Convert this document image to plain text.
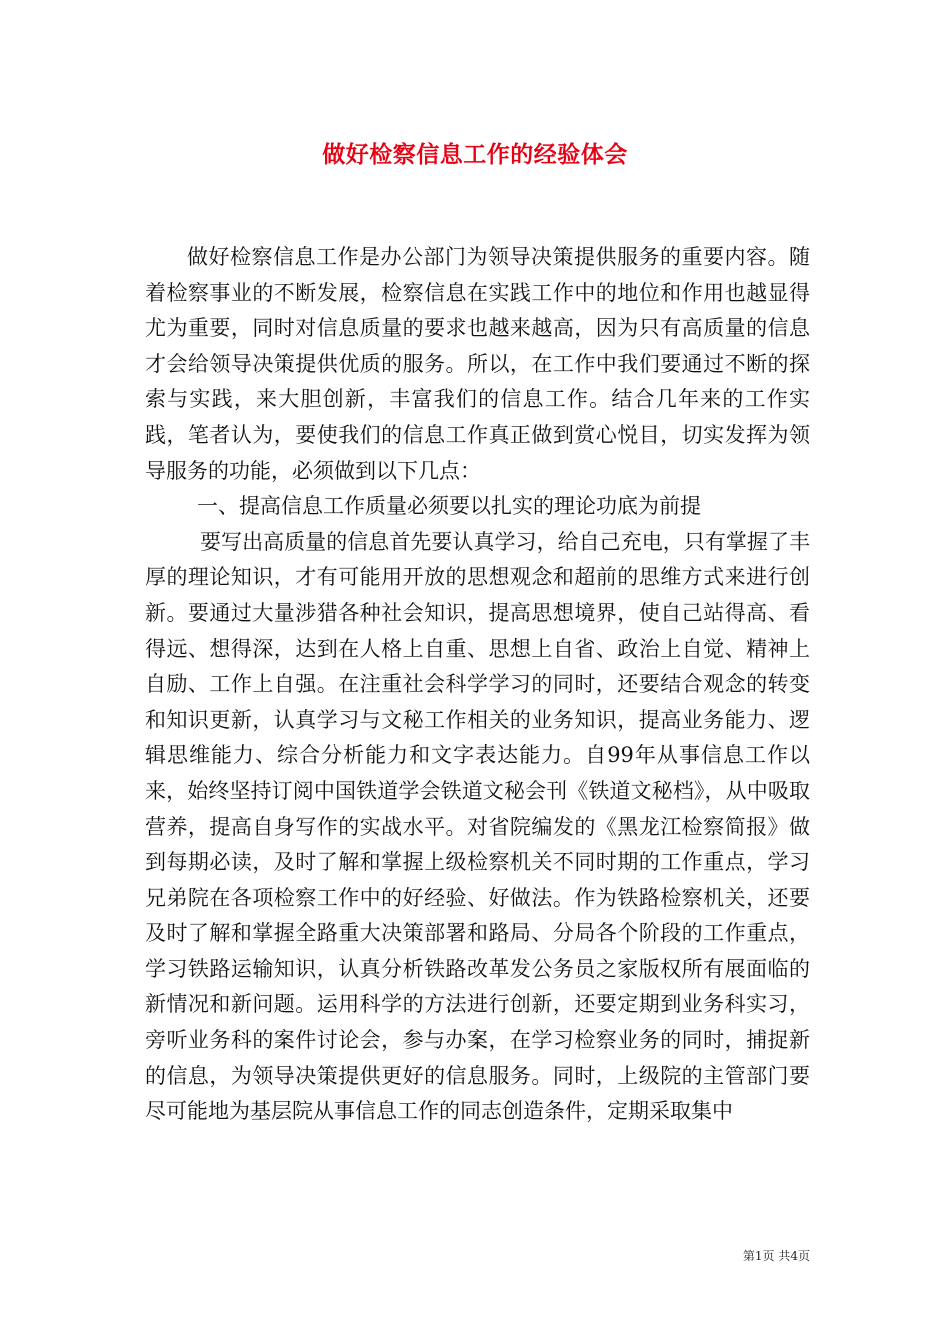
做好检察信息工作的经验体会

做好检察信息工作是办公部门为领导决策提供服务的重要内容。随着检察事业的不断发展，检察信息在实践工作中的地位和作用也越显得尤为重要，同时对信息质量的要求也越来越高，因为只有高质量的信息才会给领导决策提供优质的服务。所以，在工作中我们要通过不断的探索与实践，来大胆创新，丰富我们的信息工作。结合几年来的工作实践，笔者认为，要使我们的信息工作真正做到赏心悦目，切实发挥为领导服务的功能，必须做到以下几点：

一、提高信息工作质量必须要以扎实的理论功底为前提

要写出高质量的信息首先要认真学习，给自己充电，只有掌握了丰厚的理论知识，才有可能用开放的思想观念和超前的思维方式来进行创新。要通过大量涉猎各种社会知识，提高思想境界，使自己站得高、看得远、想得深，达到在人格上自重、思想上自省、政治上自觉、精神上自励、工作上自强。在注重社会科学学习的同时，还要结合观念的转变和知识更新，认真学习与文秘工作相关的业务知识，提高业务能力、逻辑思维能力、综合分析能力和文字表达能力。自99年从事信息工作以来，始终坚持订阅中国铁道学会铁道文秘会刊《铁道文秘档》，从中吸取营养，提高自身写作的实战水平。对省院编发的《黑龙江检察简报》做到每期必读，及时了解和掌握上级检察机关不同时期的工作重点，学习兄弟院在各项检察工作中的好经验、好做法。作为铁路检察机关，还要及时了解和掌握全路重大决策部署和路局、分局各个阶段的工作重点，学习铁路运输知识，认真分析铁路改革发公务员之家版权所有展面临的新情况和新问题。运用科学的方法进行创新，还要定期到业务科实习，旁听业务科的案件讨论会，参与办案，在学习检察业务的同时，捕捉新的信息，为领导决策提供更好的信息服务。同时，上级院的主管部门要尽可能地为基层院从事信息工作的同志创造条件，定期采取集中

第1页 共4页
